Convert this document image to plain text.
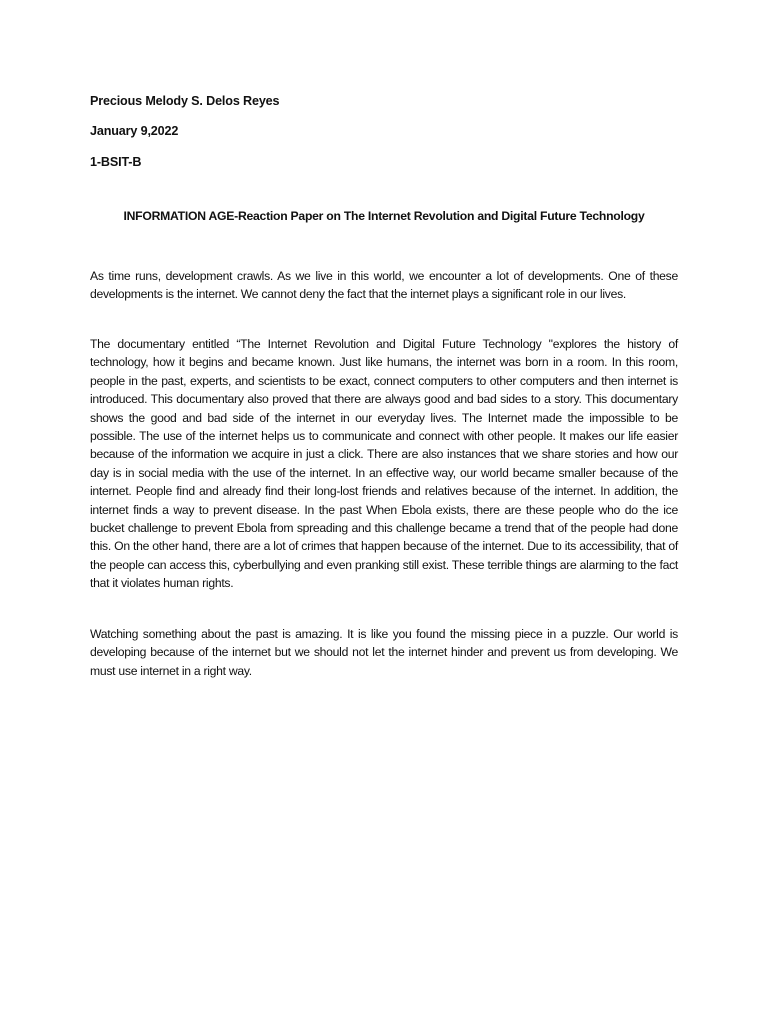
Precious Melody S. Delos Reyes
January 9,2022
1-BSIT-B
INFORMATION AGE-Reaction Paper on The Internet Revolution and Digital Future Technology

As time runs, development crawls. As we live in this world, we encounter a lot of developments. One of these developments is the internet. We cannot deny the fact that the internet plays a significant role in our lives.

The documentary entitled “The Internet Revolution and Digital Future Technology "explores the history of technology, how it begins and became known. Just like humans, the internet was born in a room. In this room, people in the past, experts, and scientists to be exact, connect computers to other computers and then internet is introduced. This documentary also proved that there are always good and bad sides to a story. This documentary shows the good and bad side of the internet in our everyday lives. The Internet made the impossible to be possible. The use of the internet helps us to communicate and connect with other people. It makes our life easier because of the information we acquire in just a click. There are also instances that we share stories and how our day is in social media with the use of the internet. In an effective way, our world became smaller because of the internet. People find and already find their long-lost friends and relatives because of the internet. In addition, the internet finds a way to prevent disease. In the past When Ebola exists, there are these people who do the ice bucket challenge to prevent Ebola from spreading and this challenge became a trend that of the people had done this. On the other hand, there are a lot of crimes that happen because of the internet. Due to its accessibility, that of the people can access this, cyberbullying and even pranking still exist. These terrible things are alarming to the fact that it violates human rights.

Watching something about the past is amazing. It is like you found the missing piece in a puzzle. Our world is developing because of the internet but we should not let the internet hinder and prevent us from developing. We must use internet in a right way.
